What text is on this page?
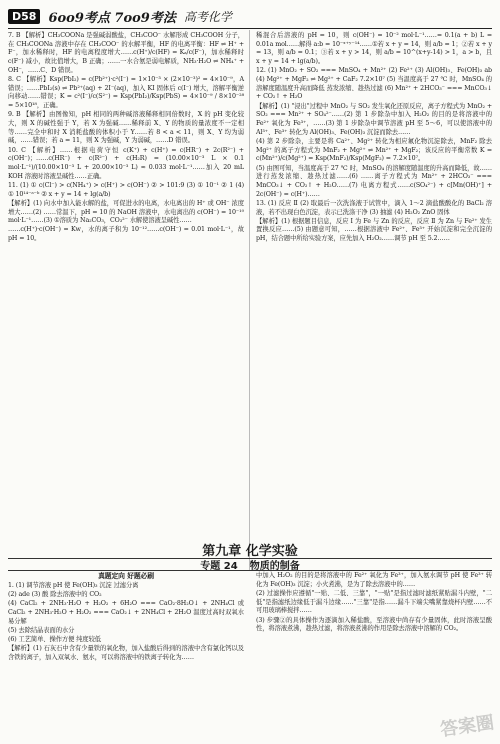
D58 6oo9考点 7oo9考法 高考化学

7. B 【解析】CH₃COONa 是强碱弱酸盐，CH₃COO⁻ 水解形成 CH₃COOH 分子，在 CH₃COONa 溶液中存在 CH₃COO⁻ 的水解平衡，HF 的电离平衡：HF ⇌ H⁺ + F⁻，加水稀释时，HF 的电离程度增大……c(H⁺)/c(HF) = Kₐ/c(F⁻)，加水稀释时 c(F⁻) 减小，故比值增大，B 正确；……一水合氨是弱电解质，NH₃·H₂O ⇌ NH₄⁺ + OH⁻，……C、D 错误。

8. C 【解析】Ksp(PbI₂) = c(Pb²⁺)·c²(I⁻) = 1×10⁻³ × (2×10⁻³)² = 4×10⁻⁹，A 错误；……PbI₂(s) ⇌ Pb²⁺(aq) + 2I⁻(aq)，加入 KI 固体后 c(I⁻) 增大，溶解平衡逆向移动……错误；K = c²(I⁻)/c(S²⁻) = Ksp(PbI₂)/Ksp(PbS) = 4×10⁻⁹ / 8×10⁻²⁸ = 5×10¹⁸，正确。

9. B 【解析】由图像知，pH 相同的两种碱溶液稀释相同倍数时，X 的 pH 变化较大，则 X 的碱性强于 Y，若 X 为强碱……稀释前 X、Y 的物质的量浓度不一定相等……完全中和时 X 消耗盐酸的体积小于 Y……若 8 < a < 11，则 X、Y 均为弱碱，……错误；若 a = 11，则 X 为强碱，Y 为弱碱，……D 错误。

10. C 【解析】……根据电荷守恒 c(K⁺) + c(H⁺) = c(HR⁻) + 2c(R²⁻) + c(OH⁻)；……c(HR⁻) + c(R²⁻) + c(H₂R) = (10.00×10⁻³ L × 0.1 mol·L⁻¹)/(10.00×10⁻³ L + 20.00×10⁻³ L) ≈ 0.033 mol·L⁻¹……加入 20 mL KOH 溶液时溶液呈碱性……正确。

11. (1) ① c(Cl⁻) > c(NH₄⁺) > c(H⁺) > c(OH⁻) ② > 101:9 (3) ① 10⁻¹ ② 1 (4) ① 10¹⁴⁻ᵃ⁻ᵇ ② x + y = 14 + lg(a/b)

【解析】(1) 向水中加入能水解的盐，可促进水的电离，水电离出的 H⁺ 或 OH⁻ 浓度增大……(2) ……常温下，pH = 10 的 NaOH 溶液中，水电离出的 c(OH⁻) = 10⁻¹⁰ mol·L⁻¹……(3) ①溶质为 Na₂CO₃，CO₃²⁻ 水解使溶液呈碱性……

……c(H⁺)·c(OH⁻) = Kw，水的离子积为 10⁻¹²……c(OH⁻) = 0.01 mol·L⁻¹，故 pH = 10。

稀混合后溶液的 pH = 10，则 c(OH⁻) = 10⁻² mol·L⁻¹……= 0.1(a + b) L = 0.01a mol……解得 a:b = 10⁻ˣ⁺ʸ⁻¹⁴……①若 x + y = 14，则 a/b = 1；②若 x + y = 13，则 a/b = 0.1；③若 x + y > 14，则 a/b = 10^(x+y-14) > 1，a > b，且 x + y = 14 + lg(a/b)。

12. (1) MnO₂ + SO₂ === MnSO₄ + Mn²⁺ (2) Fe²⁺ (3) Al(OH)₃、Fe(OH)₃ ab (4) Mg²⁺ + MgF₂ ⇌ Mg²⁺ + CaF₂ 7.2×10⁷ (5) 当温度高于 27 ℃ 时，MnSO₄ 的溶解度随温度升高而降低 蒸发浓缩、趁热过滤 (6) Mn²⁺ + 2HCO₃⁻ === MnCO₃↓ + CO₂↑ + H₂O

【解析】(1) "浸出"过程中 MnO₂ 与 SO₂ 发生氧化还原反应，离子方程式为 MnO₂ + SO₂ === Mn²⁺ + SO₄²⁻……(2) 第 1 步除杂中加入 H₂O₂ 的目的是将溶液中的 Fe²⁺ 氧化为 Fe³⁺，……(3) 第 1 步除杂中调节溶液 pH 至 5～6，可以使溶液中的 Al³⁺、Fe³⁺ 转化为 Al(OH)₃、Fe(OH)₃ 沉淀而除去……

(4) 第 2 步除杂，主要是将 Ca²⁺、Mg²⁺ 转化为相应氟化物沉淀除去，MnF₂ 除去 Mg²⁺ 的离子方程式为 MnF₂ + Mg²⁺ ⇌ Mn²⁺ + MgF₂；该反应的平衡常数 K = c(Mn²⁺)/c(Mg²⁺) = Ksp(MnF₂)/Ksp(MgF₂) = 7.2×10⁷。

(5) 由图可知，当温度高于 27 ℃ 时，MnSO₄ 的溶解度随温度的升高而降低，故……进行蒸发浓缩、趁热过滤……(6) ……离子方程式为 Mn²⁺ + 2HCO₃⁻ === MnCO₃↓ + CO₂↑ + H₂O……(7) 电离方程式……c(SO₄²⁻) + c[Mn(OH)⁺] + 2c(OH⁻) = c(H⁺)……

13. (1) 反应 Ⅱ (2) 取最后一次洗涤液于试管中，滴入 1～2 滴盐酸酸化的 BaCl₂ 溶液，若不出现白色沉淀，表示已洗涤干净 (3) 抽滤 (4) H₂O₂ ZnO 固体

【解析】(1) 根据题目信息，反应 Ⅰ 为 Fe 与 Zn 的反应，反应 Ⅱ 为 Zn 与 Fe²⁺ 发生置换反应……(5) 由题意可知，……根据溶液中 Fe²⁺、Fe³⁺ 开始沉淀和完全沉淀的 pH，结合题中所给实验方案，应先加入 H₂O₂……调节 pH 至 5.2……

第九章 化学实验
专题 24 物质的制备
真题定向 好题必刷

1. (1) 调节溶液 pH 使 Fe(OH)₃ 沉淀 过滤分离

(2) ade (3) 酸 除去溶液中的 CO₂

(4) CaCl₂ + 2NH₃·H₂O + H₂O₂ + 6H₂O === CaO₂·8H₂O↓ + 2NH₄Cl 或 CaCl₂ + 2NH₃·H₂O + H₂O₂ === CaO₂↓ + 2NH₄Cl + 2H₂O 温度过高时双氧水易分解

(5) 去除结晶表面的水分

(6) 工艺简单、操作方便 纯度较低

【解析】(1) 石灰石中含有少量铁的氧化物，加入盐酸后得到的溶液中含有氯化钙以及含铁的离子，加入双氧水、氨水，可以将溶液中的铁离子转化为……

中加入 H₂O₂ 的目的是将溶液中的 Fe²⁺ 氧化为 Fe³⁺，加入氨水调节 pH 使 Fe³⁺ 转化为 Fe(OH)₃ 沉淀；小火煮沸，是为了除去溶液中的……

(2) 过滤操作应遵循"一贴、二低、三靠"，"一贴"是指过滤时滤纸紧贴漏斗内壁，"二低"是指滤纸边缘低于漏斗边缘……"三靠"是指……漏斗下端尖嘴紧靠烧杯内壁……不可用玻璃棒搅拌……

(3) 步骤②的具体操作为逐滴加入稀盐酸，至溶液中尚存有少量固体，此时溶液呈酸性，将溶液煮沸，趁热过滤，将溶液煮沸的作用是除去溶液中溶解的 CO₂。

答案圈
